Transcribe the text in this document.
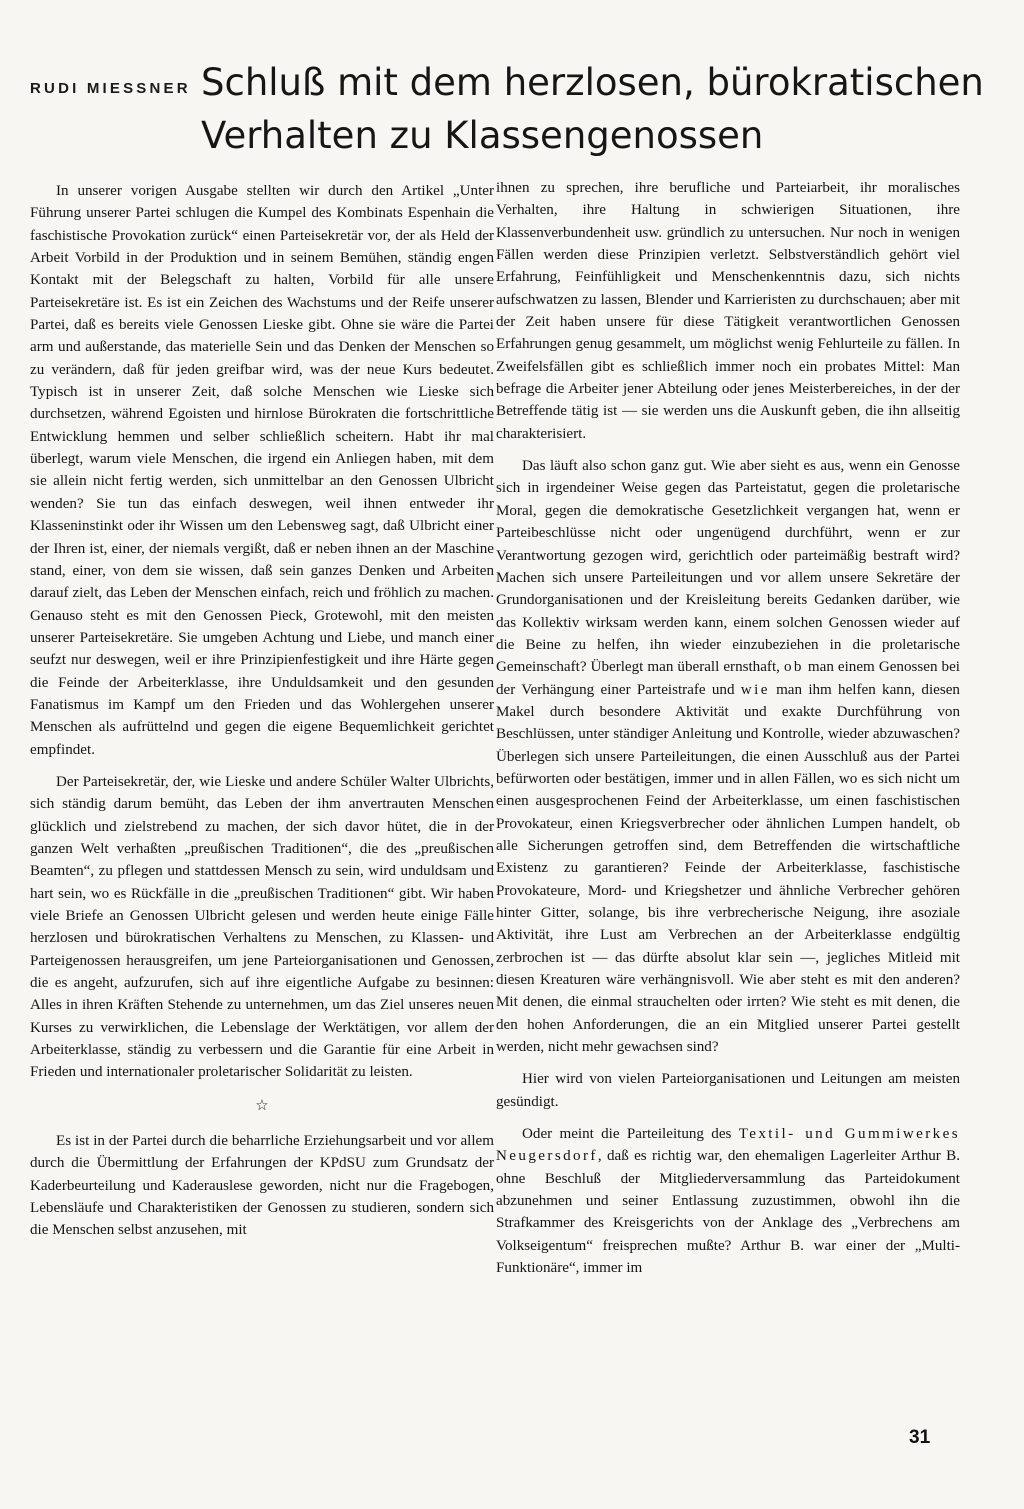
RUDI MIESSNER Schluß mit dem herzlosen, bürokratischen
Verhalten zu Klassengenossen

In unserer vorigen Ausgabe stellten wir durch den Artikel „Unter Führung unserer Partei schlugen die Kumpel des Kombinats Espenhain die faschistische Provokation zurück“ einen Parteisekretär vor, der als Held der Arbeit Vorbild in der Produktion und in seinem Bemühen, ständig engen Kontakt mit der Belegschaft zu halten, Vorbild für alle unsere Parteisekretäre ist. Es ist ein Zeichen des Wachstums und der Reife unserer Partei, daß es bereits viele Genossen Lieske gibt. Ohne sie wäre die Partei arm und außerstande, das materielle Sein und das Denken der Menschen so zu verändern, daß für jeden greifbar wird, was der neue Kurs bedeutet. Typisch ist in unserer Zeit, daß solche Menschen wie Lieske sich durchsetzen, während Egoisten und hirnlose Bürokraten die fortschrittliche Entwicklung hemmen und selber schließlich scheitern. Habt ihr mal überlegt, warum viele Menschen, die irgend ein Anliegen haben, mit dem sie allein nicht fertig werden, sich unmittelbar an den Genossen Ulbricht wenden? Sie tun das einfach deswegen, weil ihnen entweder ihr Klasseninstinkt oder ihr Wissen um den Lebensweg sagt, daß Ulbricht einer der Ihren ist, einer, der niemals vergißt, daß er neben ihnen an der Maschine stand, einer, von dem sie wissen, daß sein ganzes Denken und Arbeiten darauf zielt, das Leben der Menschen einfach, reich und fröhlich zu machen. Genauso steht es mit den Genossen Pieck, Grotewohl, mit den meisten unserer Parteisekretäre. Sie umgeben Achtung und Liebe, und manch einer seufzt nur deswegen, weil er ihre Prinzipienfestigkeit und ihre Härte gegen die Feinde der Arbeiterklasse, ihre Unduldsamkeit und den gesunden Fanatismus im Kampf um den Frieden und das Wohlergehen unserer Menschen als aufrüttelnd und gegen die eigene Bequemlichkeit gerichtet empfindet.

Der Parteisekretär, der, wie Lieske und andere Schüler Walter Ulbrichts, sich ständig darum bemüht, das Leben der ihm anvertrauten Menschen glücklich und zielstrebend zu machen, der sich davor hütet, die in der ganzen Welt verhaßten „preußischen Traditionen“, die des „preußischen Beamten“, zu pflegen und stattdessen Mensch zu sein, wird unduldsam und hart sein, wo es Rückfälle in die „preußischen Traditionen“ gibt. Wir haben viele Briefe an Genossen Ulbricht gelesen und werden heute einige Fälle herzlosen und bürokratischen Verhaltens zu Menschen, zu Klassen- und Parteigenossen herausgreifen, um jene Parteiorganisationen und Genossen, die es angeht, aufzurufen, sich auf ihre eigentliche Aufgabe zu besinnen: Alles in ihren Kräften Stehende zu unternehmen, um das Ziel unseres neuen Kurses zu verwirklichen, die Lebenslage der Werktätigen, vor allem der Arbeiterklasse, ständig zu verbessern und die Garantie für eine Arbeit in Frieden und internationaler proletarischer Solidarität zu leisten.

☆

Es ist in der Partei durch die beharrliche Erziehungsarbeit und vor allem durch die Übermittlung der Erfahrungen der KPdSU zum Grundsatz der Kaderbeurteilung und Kaderauslese geworden, nicht nur die Fragebogen, Lebensläufe und Charakteristiken der Genossen zu studieren, sondern sich die Menschen selbst anzusehen, mit

ihnen zu sprechen, ihre berufliche und Parteiarbeit, ihr moralisches Verhalten, ihre Haltung in schwierigen Situationen, ihre Klassenverbundenheit usw. gründlich zu untersuchen. Nur noch in wenigen Fällen werden diese Prinzipien verletzt. Selbstverständlich gehört viel Erfahrung, Feinfühligkeit und Menschenkenntnis dazu, sich nichts aufschwatzen zu lassen, Blender und Karrieristen zu durchschauen; aber mit der Zeit haben unsere für diese Tätigkeit verantwortlichen Genossen Erfahrungen genug gesammelt, um möglichst wenig Fehlurteile zu fällen. In Zweifelsfällen gibt es schließlich immer noch ein probates Mittel: Man befrage die Arbeiter jener Abteilung oder jenes Meisterbereiches, in der der Betreffende tätig ist — sie werden uns die Auskunft geben, die ihn allseitig charakterisiert.

Das läuft also schon ganz gut. Wie aber sieht es aus, wenn ein Genosse sich in irgendeiner Weise gegen das Parteistatut, gegen die proletarische Moral, gegen die demokratische Gesetzlichkeit vergangen hat, wenn er Parteibeschlüsse nicht oder ungenügend durchführt, wenn er zur Verantwortung gezogen wird, gerichtlich oder parteimäßig bestraft wird? Machen sich unsere Parteileitungen und vor allem unsere Sekretäre der Grundorganisationen und der Kreisleitung bereits Gedanken darüber, wie das Kollektiv wirksam werden kann, einem solchen Genossen wieder auf die Beine zu helfen, ihn wieder einzubeziehen in die proletarische Gemeinschaft? Überlegt man überall ernsthaft, ob man einem Genossen bei der Verhängung einer Parteistrafe und wie man ihm helfen kann, diesen Makel durch besondere Aktivität und exakte Durchführung von Beschlüssen, unter ständiger Anleitung und Kontrolle, wieder abzuwaschen? Überlegen sich unsere Parteileitungen, die einen Ausschluß aus der Partei befürworten oder bestätigen, immer und in allen Fällen, wo es sich nicht um einen ausgesprochenen Feind der Arbeiterklasse, um einen faschistischen Provokateur, einen Kriegsverbrecher oder ähnlichen Lumpen handelt, ob alle Sicherungen getroffen sind, dem Betreffenden die wirtschaftliche Existenz zu garantieren? Feinde der Arbeiterklasse, faschistische Provokateure, Mord- und Kriegshetzer und ähnliche Verbrecher gehören hinter Gitter, solange, bis ihre verbrecherische Neigung, ihre asoziale Aktivität, ihre Lust am Verbrechen an der Arbeiterklasse endgültig zerbrochen ist — das dürfte absolut klar sein —, jegliches Mitleid mit diesen Kreaturen wäre verhängnisvoll. Wie aber steht es mit den anderen? Mit denen, die einmal strauchelten oder irrten? Wie steht es mit denen, die den hohen Anforderungen, die an ein Mitglied unserer Partei gestellt werden, nicht mehr gewachsen sind?

Hier wird von vielen Parteiorganisationen und Leitungen am meisten gesündigt.

Oder meint die Parteileitung des Textil- und Gummiwerkes Neugersdorf, daß es richtig war, den ehemaligen Lagerleiter Arthur B. ohne Beschluß der Mitgliederversammlung das Parteidokument abzunehmen und seiner Entlassung zuzustimmen, obwohl ihn die Strafkammer des Kreisgerichts von der Anklage des „Verbrechens am Volkseigentum“ freisprechen mußte? Arthur B. war einer der „Multi-Funktionäre“, immer im

31
